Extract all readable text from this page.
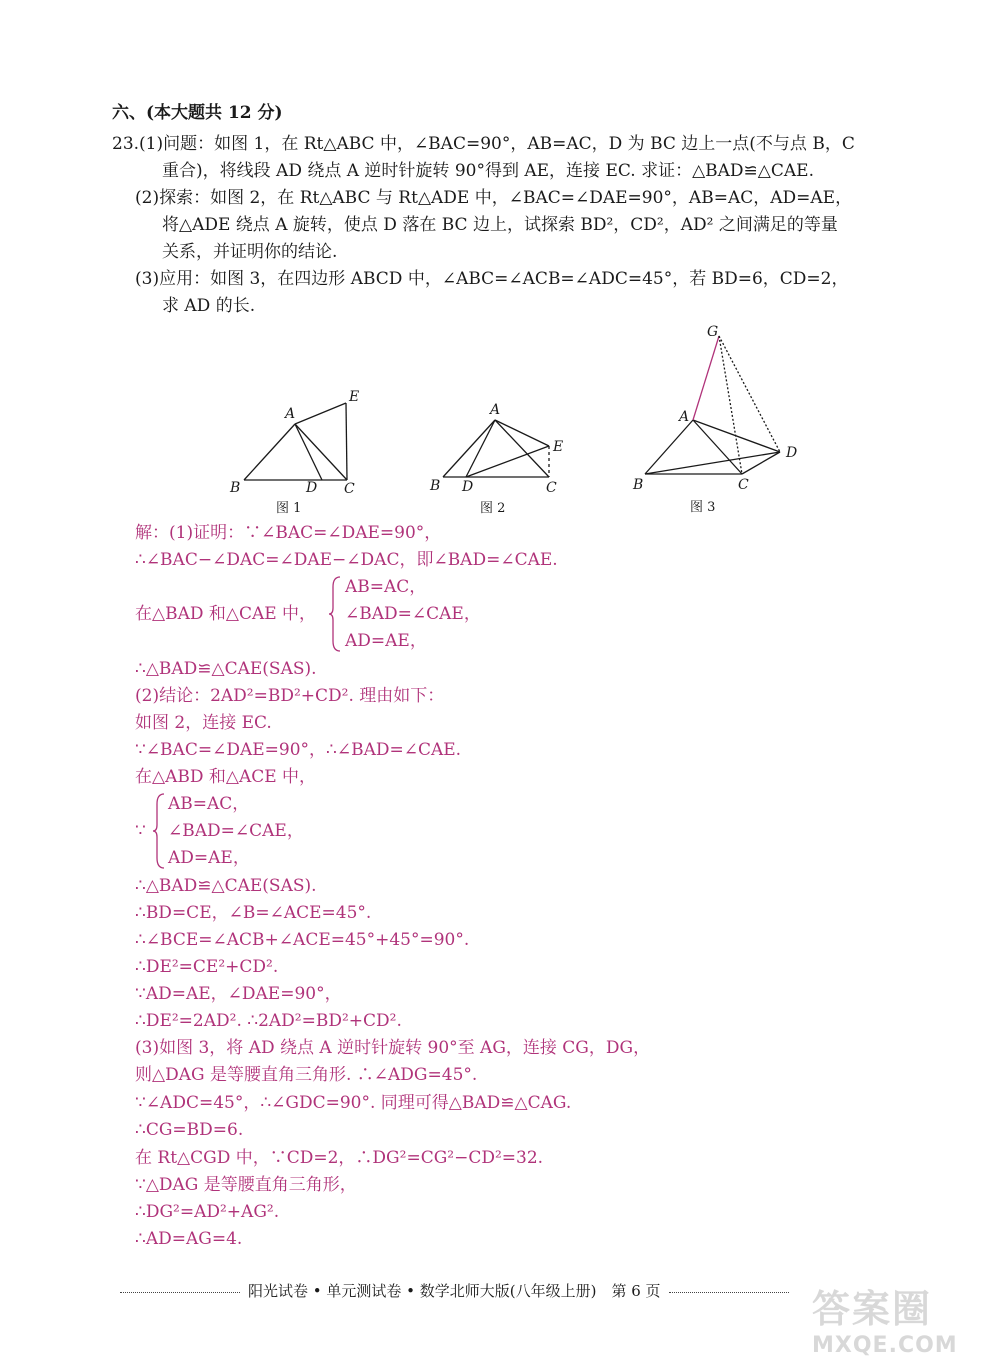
六、(本大题共 12 分)
23.(1)问题：如图 1，在 Rt△ABC 中，∠BAC=90°，AB=AC，D 为 BC 边上一点(不与点 B，C
重合)，将线段 AD 绕点 A 逆时针旋转 90°得到 AE，连接 EC. 求证：△BAD≌△CAE.
(2)探索：如图 2，在 Rt△ABC 与 Rt△ADE 中，∠BAC=∠DAE=90°，AB=AC，AD=AE，
将△ADE 绕点 A 旋转，使点 D 落在 BC 边上，试探索 BD²，CD²，AD² 之间满足的等量
关系，并证明你的结论.
(3)应用：如图 3，在四边形 ABCD 中，∠ABC=∠ACB=∠ADC=45°，若 BD=6，CD=2，
求 AD 的长.
A
B	D C
E
图 1
A
B D	C
E
图 2
G
A
B	C
D
图 3
解：(1)证明：∵∠BAC=∠DAE=90°，
∴∠BAC−∠DAC=∠DAE−∠DAC，即∠BAD=∠CAE.
在△BAD 和△CAE 中，
AB=AC，
∠BAD=∠CAE，
AD=AE，
∴△BAD≌△CAE(SAS).
(2)结论：2AD²=BD²+CD². 理由如下：
如图 2，连接 EC.
∵∠BAC=∠DAE=90°，∴∠BAD=∠CAE.
在△ABD 和△ACE 中，
∵
AB=AC，
∠BAD=∠CAE，
AD=AE，
∴△BAD≌△CAE(SAS).
∴BD=CE，∠B=∠ACE=45°.
∴∠BCE=∠ACB+∠ACE=45°+45°=90°.
∴DE²=CE²+CD².
∵AD=AE，∠DAE=90°，
∴DE²=2AD². ∴2AD²=BD²+CD².
(3)如图 3，将 AD 绕点 A 逆时针旋转 90°至 AG，连接 CG，DG，
则△DAG 是等腰直角三角形. ∴∠ADG=45°.
∵∠ADC=45°，∴∠GDC=90°. 同理可得△BAD≌△CAG.
∴CG=BD=6.
在 Rt△CGD 中，∵CD=2，∴DG²=CG²−CD²=32.
∵△DAG 是等腰直角三角形，
∴DG²=AD²+AG².
∴AD=AG=4.
阳光试卷 • 单元测试卷 • 数学北师大版(八年级上册)　第 6 页	答案圈
MXQE.COM
